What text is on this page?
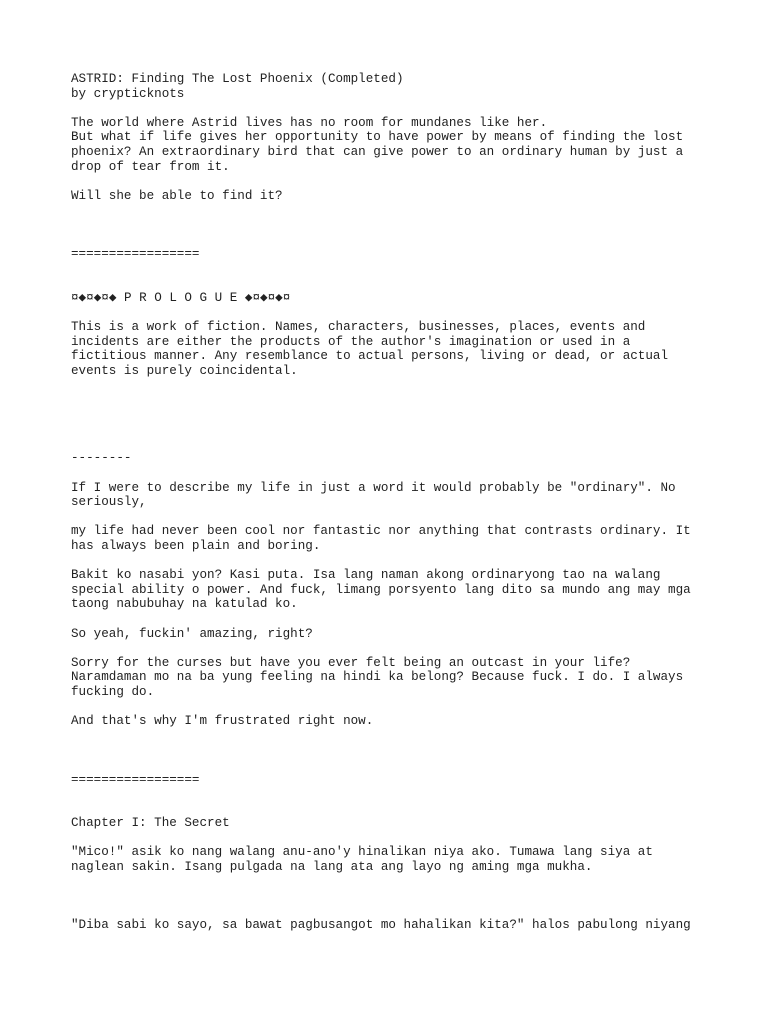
ASTRID: Finding The Lost Phoenix (Completed)
by crypticknots
The world where Astrid lives has no room for mundanes like her.
But what if life gives her opportunity to have power by means of finding the lost
phoenix? An extraordinary bird that can give power to an ordinary human by just a
drop of tear from it.
Will she be able to find it?
=================
¤◆¤◆¤◆ P R O L O G U E ◆¤◆¤◆¤
This is a work of fiction. Names, characters, businesses, places, events and
incidents are either the products of the author's imagination or used in a
fictitious manner. Any resemblance to actual persons, living or dead, or actual
events is purely coincidental.
--------
If I were to describe my life in just a word it would probably be "ordinary". No
seriously,
my life had never been cool nor fantastic nor anything that contrasts ordinary. It
has always been plain and boring.
Bakit ko nasabi yon? Kasi puta. Isa lang naman akong ordinaryong tao na walang
special ability o power. And fuck, limang porsyento lang dito sa mundo ang may mga
taong nabubuhay na katulad ko.
So yeah, fuckin' amazing, right?
Sorry for the curses but have you ever felt being an outcast in your life?
Naramdaman mo na ba yung feeling na hindi ka belong? Because fuck. I do. I always
fucking do.
And that's why I'm frustrated right now.
=================
Chapter I: The Secret
"Mico!" asik ko nang walang anu-ano'y hinalikan niya ako. Tumawa lang siya at
naglean sakin. Isang pulgada na lang ata ang layo ng aming mga mukha.
"Diba sabi ko sayo, sa bawat pagbusangot mo hahalikan kita?" halos pabulong niyang
